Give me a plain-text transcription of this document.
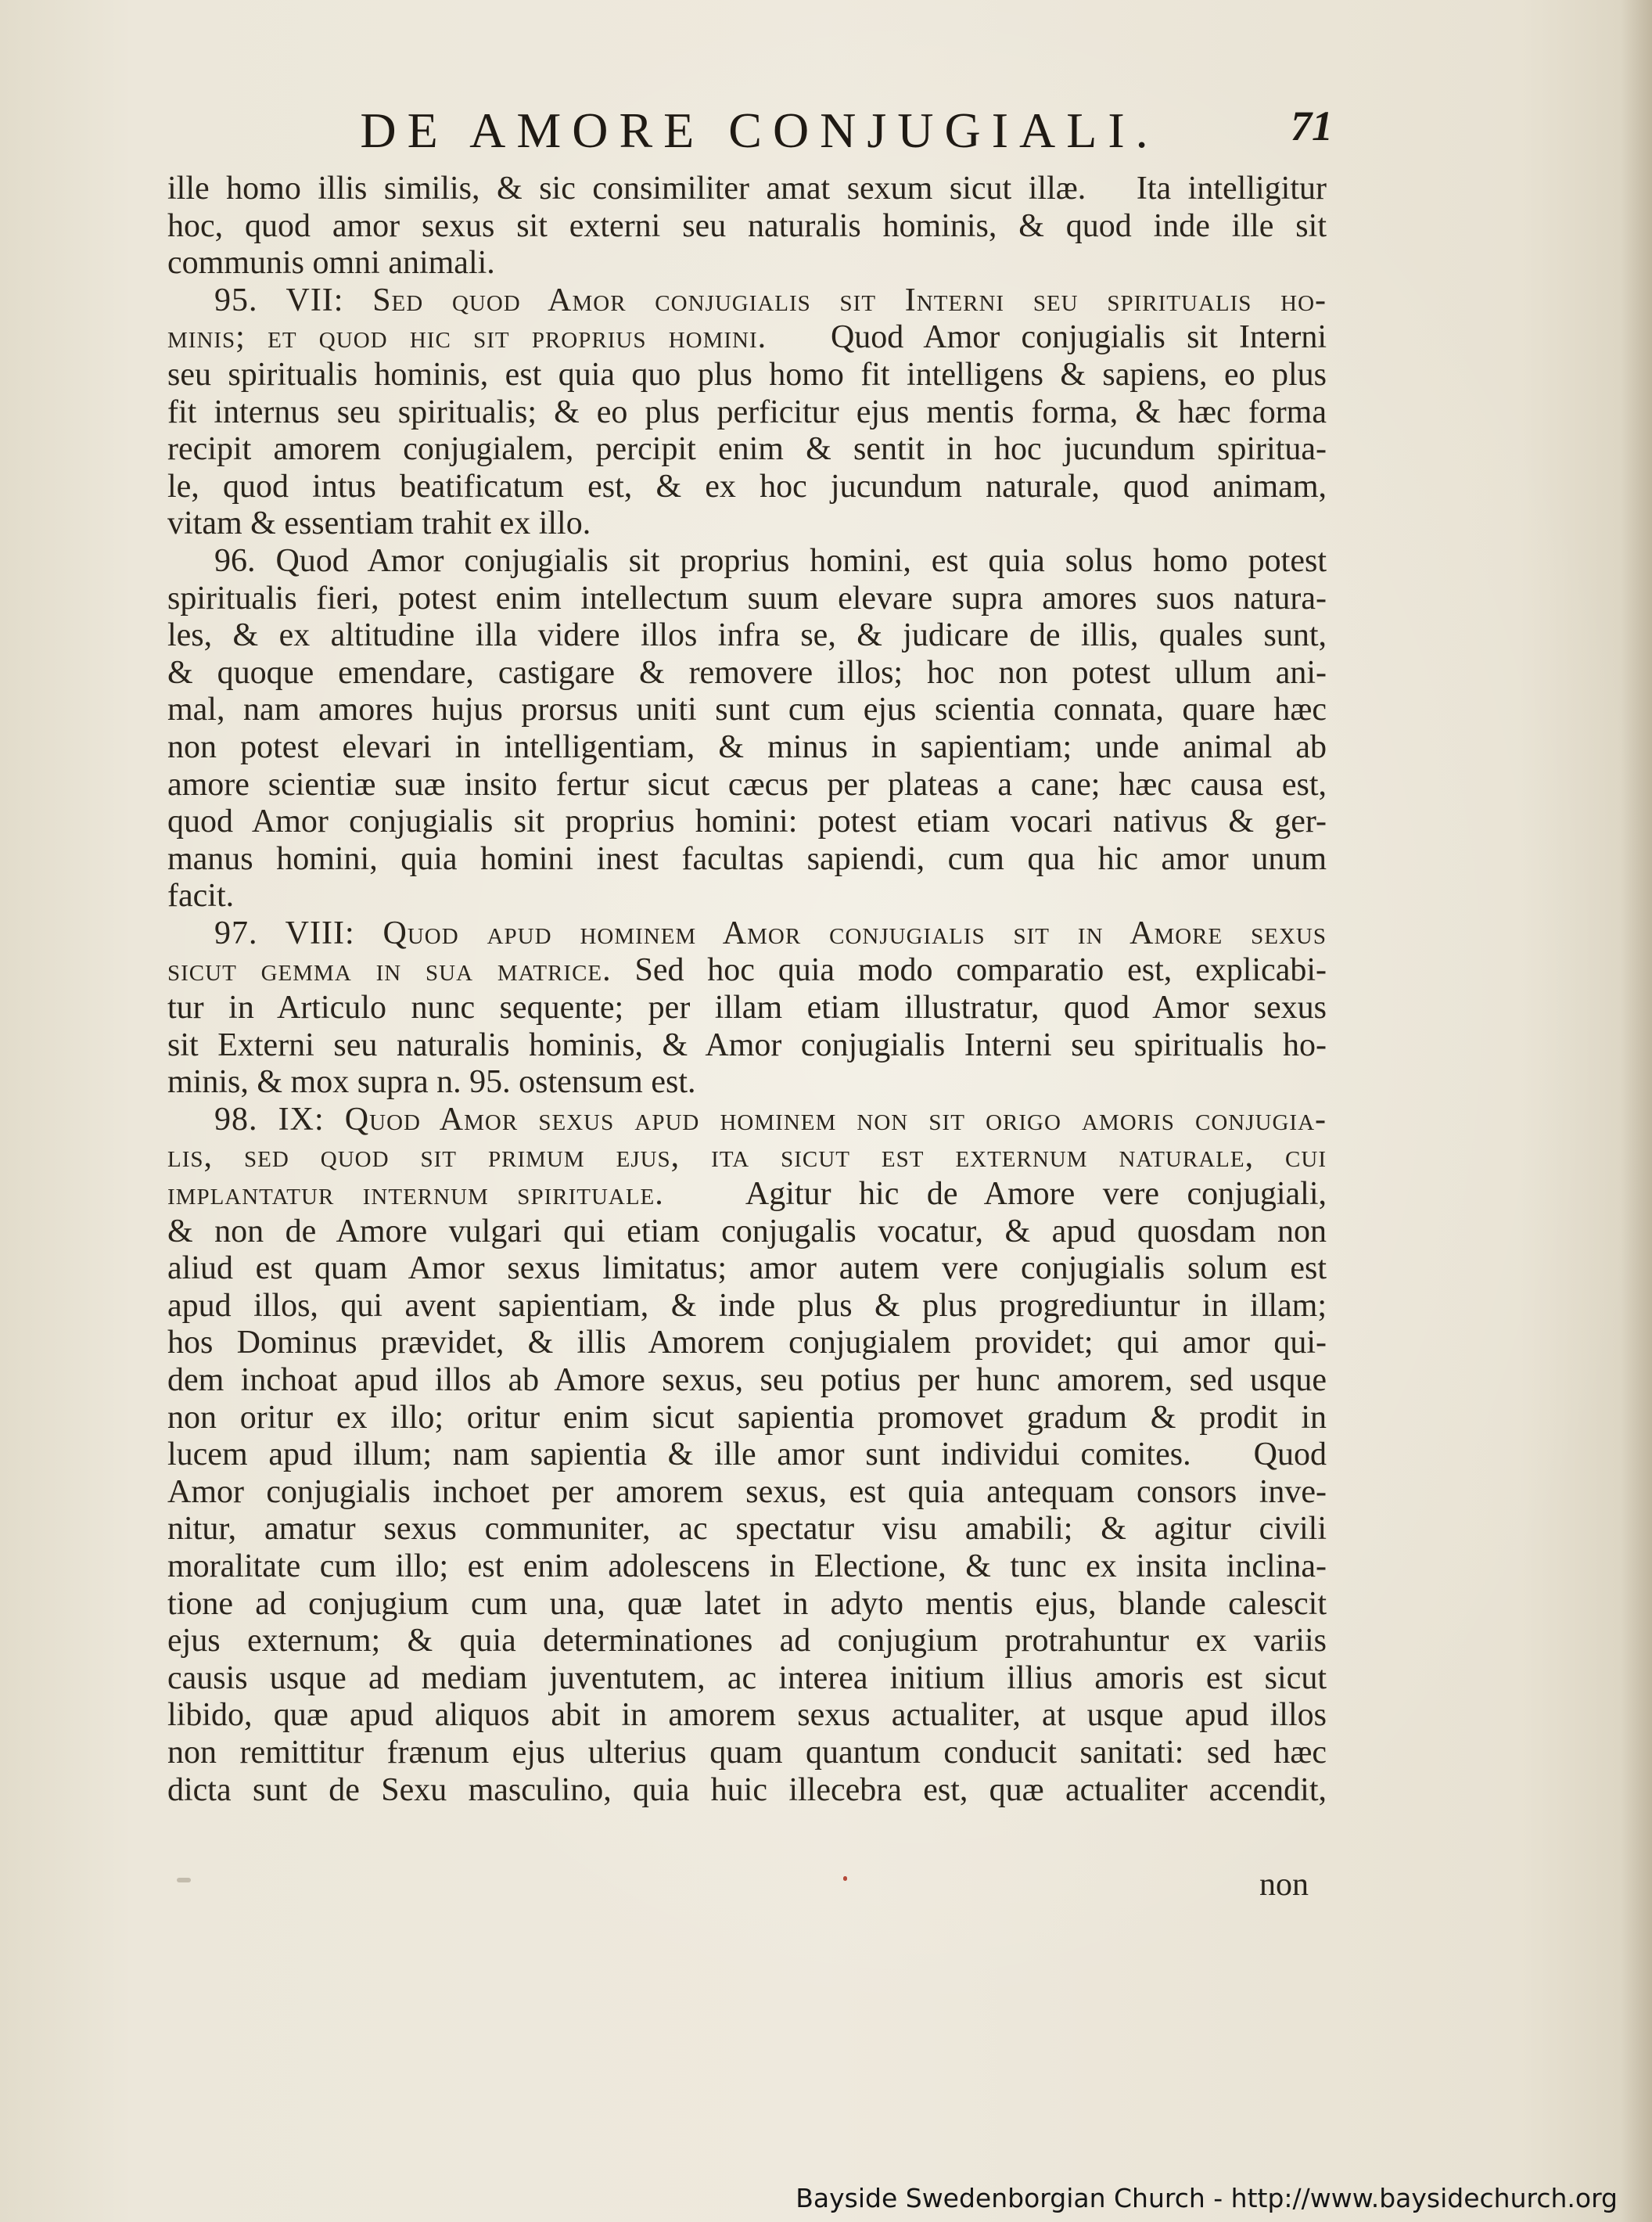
DE AMORE CONJUGIALI.	71
ille homo illis similis, & sic consimiliter amat sexum sicut illæ.   Ita intelligitur
hoc, quod amor sexus sit externi seu naturalis hominis, & quod inde ille sit
communis omni animali.
95. VII: Sed quod Amor conjugialis sit Interni seu spiritualis ho-
minis; et quod hic sit proprius homini.   Quod Amor conjugialis sit Interni
seu spiritualis hominis, est quia quo plus homo fit intelligens & sapiens, eo plus
fit internus seu spiritualis; & eo plus perficitur ejus mentis forma, & hæc forma
recipit amorem conjugialem, percipit enim & sentit in hoc jucundum spiritua-
le, quod intus beatificatum est, & ex hoc jucundum naturale, quod animam,
vitam & essentiam trahit ex illo.
96. Quod Amor conjugialis sit proprius homini, est quia solus homo potest
spiritualis fieri, potest enim intellectum suum elevare supra amores suos natura-
les, & ex altitudine illa videre illos infra se, & judicare de illis, quales sunt,
& quoque emendare, castigare & removere illos; hoc non potest ullum ani-
mal, nam amores hujus prorsus uniti sunt cum ejus scientia connata, quare hæc
non potest elevari in intelligentiam, & minus in sapientiam; unde animal ab
amore scientiæ suæ insito fertur sicut cæcus per plateas a cane; hæc causa est,
quod Amor conjugialis sit proprius homini: potest etiam vocari nativus & ger-
manus homini, quia homini inest facultas sapiendi, cum qua hic amor unum
facit.
97. VIII: Quod apud hominem Amor conjugialis sit in Amore sexus
sicut gemma in sua matrice. Sed hoc quia modo comparatio est, explicabi-
tur in Articulo nunc sequente; per illam etiam illustratur, quod Amor sexus
sit Externi seu naturalis hominis, & Amor conjugialis Interni seu spiritualis ho-
minis, & mox supra n. 95. ostensum est.
98. IX: Quod Amor sexus apud hominem non sit origo amoris conjugia-
lis, sed quod sit primum ejus, ita sicut est externum naturale, cui
implantatur internum spirituale.   Agitur hic de Amore vere conjugiali,
& non de Amore vulgari qui etiam conjugalis vocatur, & apud quosdam non
aliud est quam Amor sexus limitatus; amor autem vere conjugialis solum est
apud illos, qui avent sapientiam, & inde plus & plus progrediuntur in illam;
hos Dominus prævidet, & illis Amorem conjugialem providet; qui amor qui-
dem inchoat apud illos ab Amore sexus, seu potius per hunc amorem, sed usque
non oritur ex illo; oritur enim sicut sapientia promovet gradum & prodit in
lucem apud illum; nam sapientia & ille amor sunt individui comites.   Quod
Amor conjugialis inchoet per amorem sexus, est quia antequam consors inve-
nitur, amatur sexus communiter, ac spectatur visu amabili; & agitur civili
moralitate cum illo; est enim adolescens in Electione, & tunc ex insita inclina-
tione ad conjugium cum una, quæ latet in adyto mentis ejus, blande calescit
ejus externum; & quia determinationes ad conjugium protrahuntur ex variis
causis usque ad mediam juventutem, ac interea initium illius amoris est sicut
libido, quæ apud aliquos abit in amorem sexus actualiter, at usque apud illos
non remittitur frænum ejus ulterius quam quantum conducit sanitati: sed hæc
dicta sunt de Sexu masculino, quia huic illecebra est, quæ actualiter accendit,
non
Bayside Swedenborgian Church - http://www.baysidechurch.org
